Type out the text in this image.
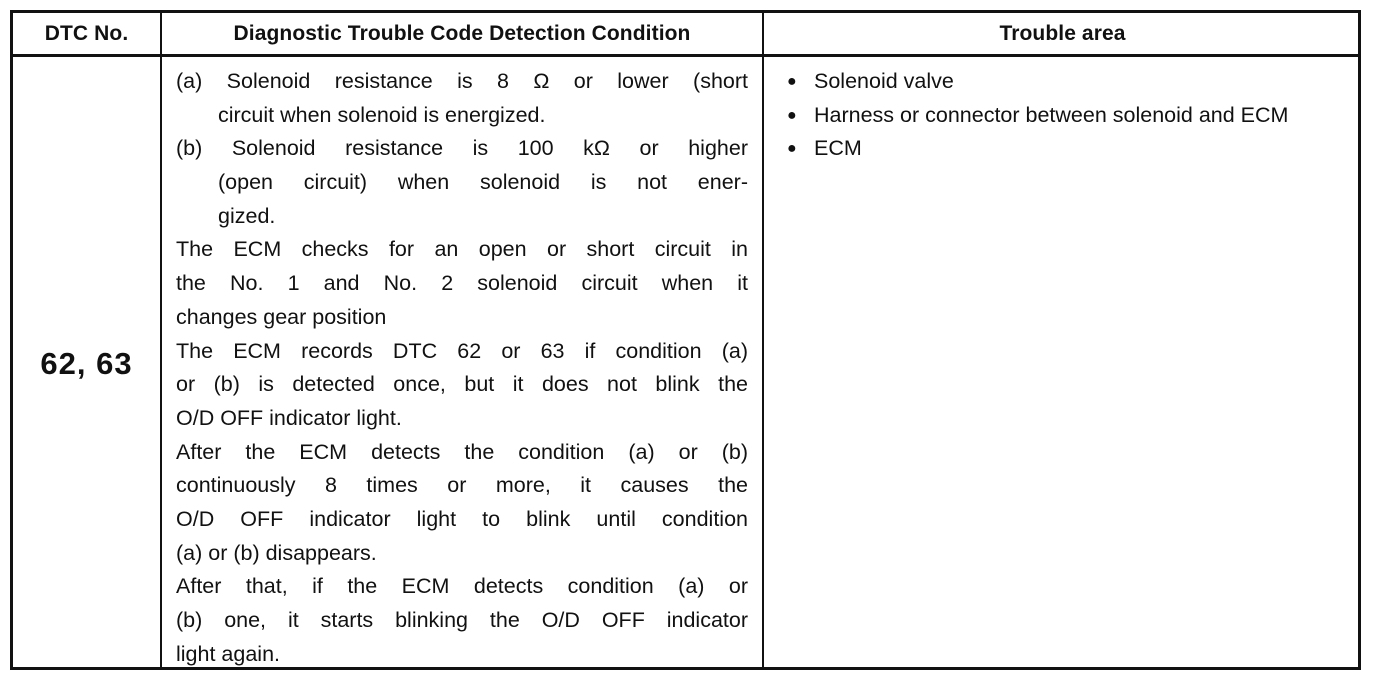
DTC No.	Diagnostic Trouble Code Detection Condition	Trouble area
62, 63
(a) Solenoid resistance is 8 Ω or lower (short
circuit when solenoid is energized.
(b) Solenoid resistance is 100 kΩ or higher
(open circuit) when solenoid is not ener-
gized.
The ECM checks for an open or short circuit in
the No. 1 and No. 2 solenoid circuit when it
changes gear position
The ECM records DTC 62 or 63 if condition (a)
or (b) is detected once, but it does not blink the
O/D OFF indicator light.
After the ECM detects the condition (a) or (b)
continuously 8 times or more, it causes the
O/D OFF indicator light to blink until condition
(a) or (b) disappears.
After that, if the ECM detects condition (a) or
(b) one, it starts blinking the O/D OFF indicator
light again.
● Solenoid valve
● Harness or connector between solenoid and ECM
● ECM
